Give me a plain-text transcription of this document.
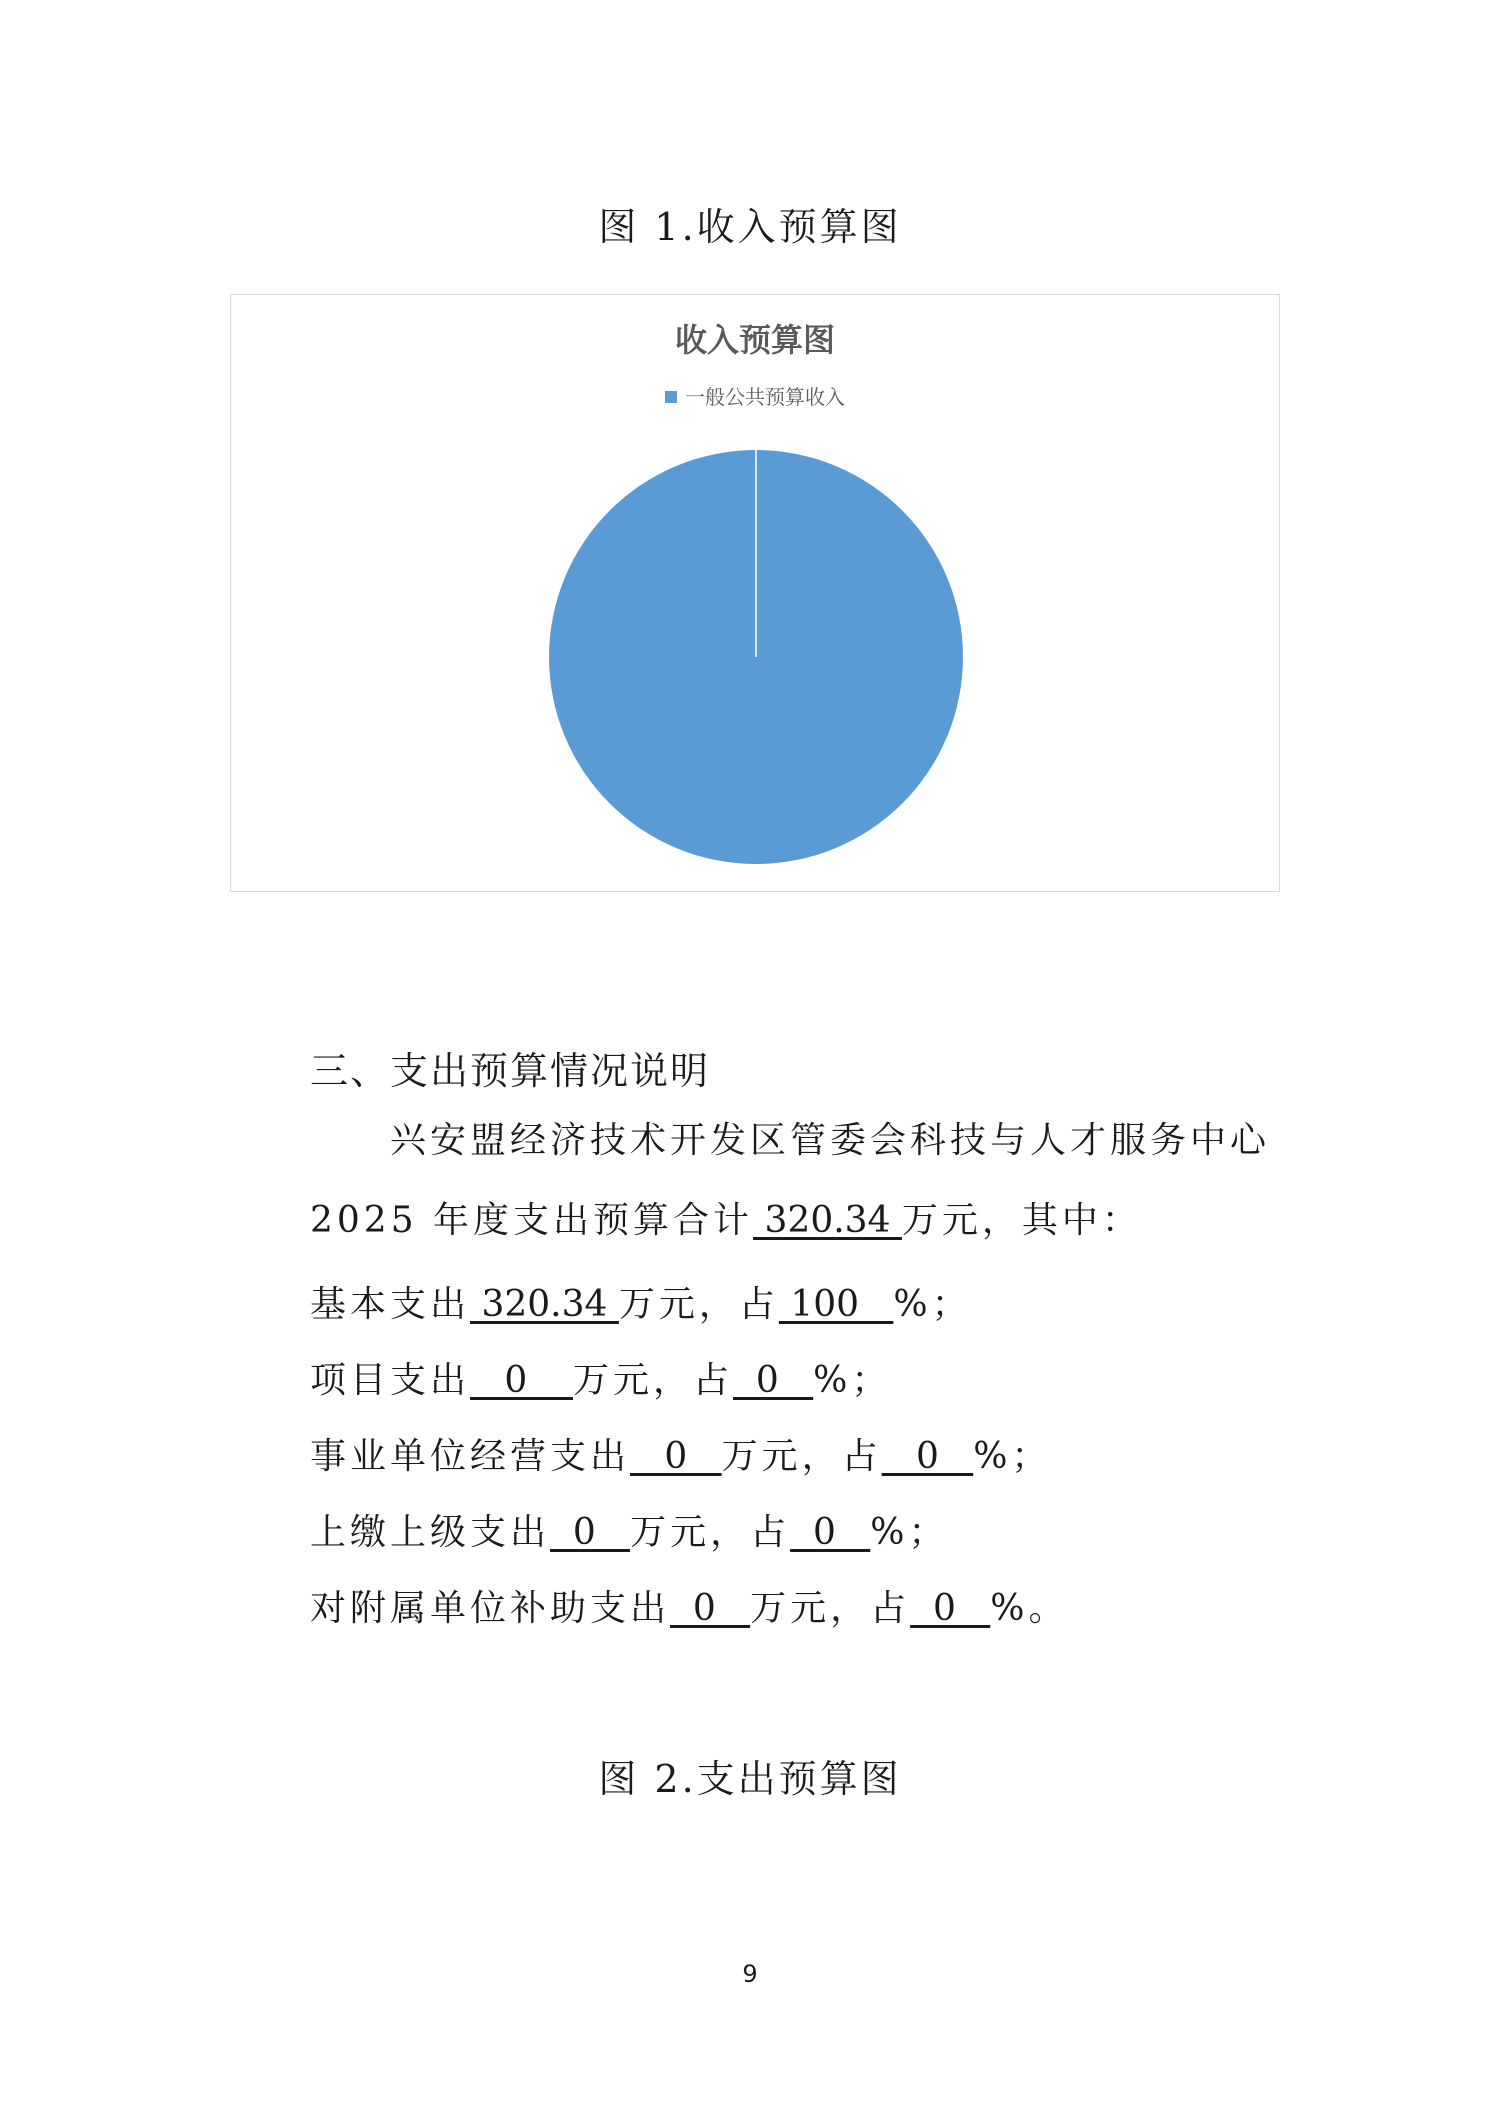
图 1.收入预算图
收入预算图
一般公共预算收入
三、支出预算情况说明
兴安盟经济技术开发区管委会科技与人才服务中心
2025 年度支出预算合计 320.34 万元，其中：
基本支出 320.34 万元，占 100   %；
项目支出   0    万元，占  0   %；
事业单位经营支出   0   万元，占   0   %；
上缴上级支出  0   万元，占  0   %；
对附属单位补助支出  0   万元，占  0   %。
图 2.支出预算图
9
